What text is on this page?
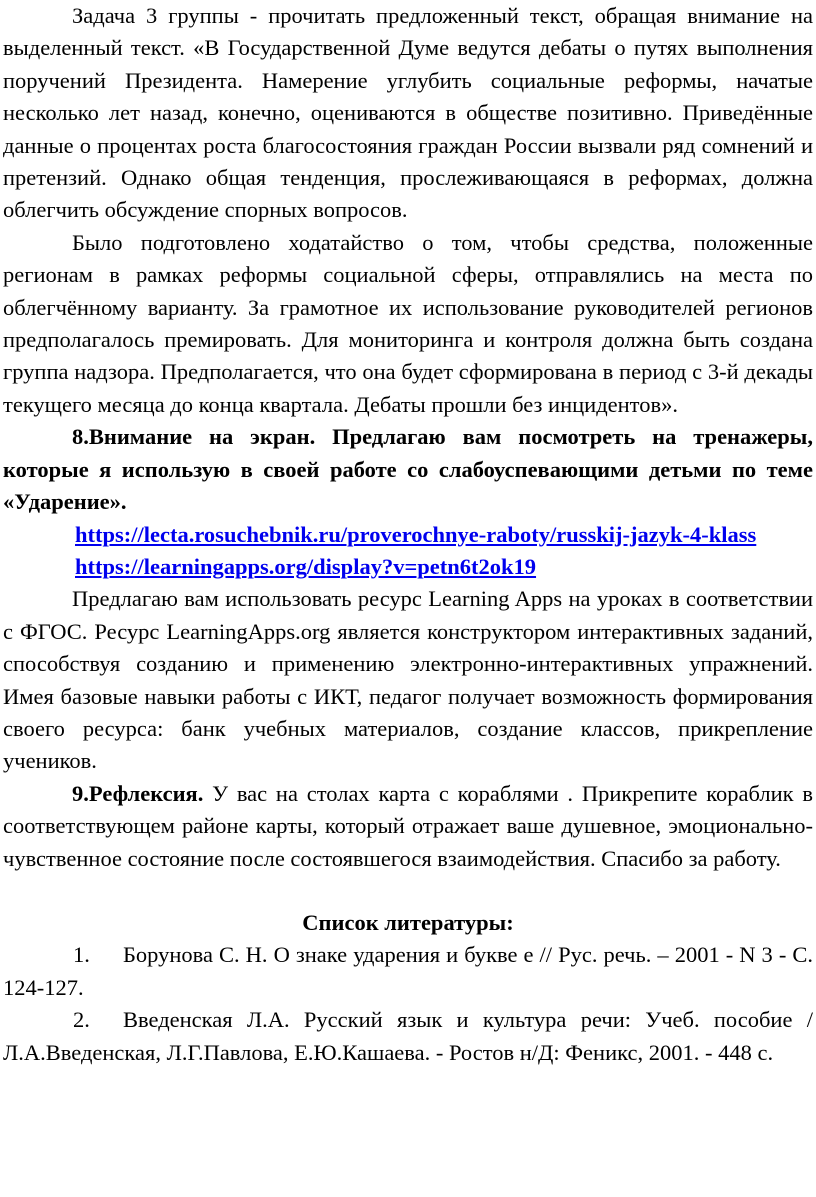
Задача 3 группы - прочитать предложенный текст, обращая внимание на выделенный текст. «В Государственной Думе ведутся дебаты о путях выполнения поручений Президента. Намерение углубить социальные реформы, начатые несколько лет назад, конечно, оцениваются в обществе позитивно. Приведённые данные о процентах роста благосостояния граждан России вызвали ряд сомнений и претензий. Однако общая тенденция, прослеживающаяся в реформах, должна облегчить обсуждение спорных вопросов.

Было подготовлено ходатайство о том, чтобы средства, положенные регионам в рамках реформы социальной сферы, отправлялись на места по облегчённому варианту. За грамотное их использование руководителей регионов предполагалось премировать. Для мониторинга и контроля должна быть создана группа надзора. Предполагается, что она будет сформирована в период с 3-й декады текущего месяца до конца квартала. Дебаты прошли без инцидентов».

8.Внимание на экран. Предлагаю вам посмотреть на тренажеры, которые я использую в своей работе со слабоуспевающими детьми по теме «Ударение».

https://lecta.rosuchebnik.ru/proverochnye-raboty/russkij-jazyk-4-klass

https://learningapps.org/display?v=petn6t2ok19

Предлагаю вам использовать ресурс Learning Apps на уроках в соответствии с ФГОС. Ресурс LearningApps.org является конструктором интерактивных заданий, способствуя созданию и применению электронно-интерактивных упражнений. Имея базовые навыки работы с ИКТ, педагог получает возможность формирования своего ресурса: банк учебных материалов, создание классов, прикрепление учеников.

9.Рефлексия. У вас на столах карта с кораблями . Прикрепите кораблик в соответствующем районе карты, который отражает ваше душевное, эмоционально-чувственное состояние после состоявшегося взаимодействия. Спасибо за работу.

Список литературы:

1. Борунова С. Н. О знаке ударения и букве е // Рус. речь. – 2001 - N 3 - С. 124-127.

2. Введенская Л.А. Русский язык и культура речи: Учеб. пособие / Л.А.Введенская, Л.Г.Павлова, Е.Ю.Кашаева. - Ростов н/Д: Феникс, 2001. - 448 с.
